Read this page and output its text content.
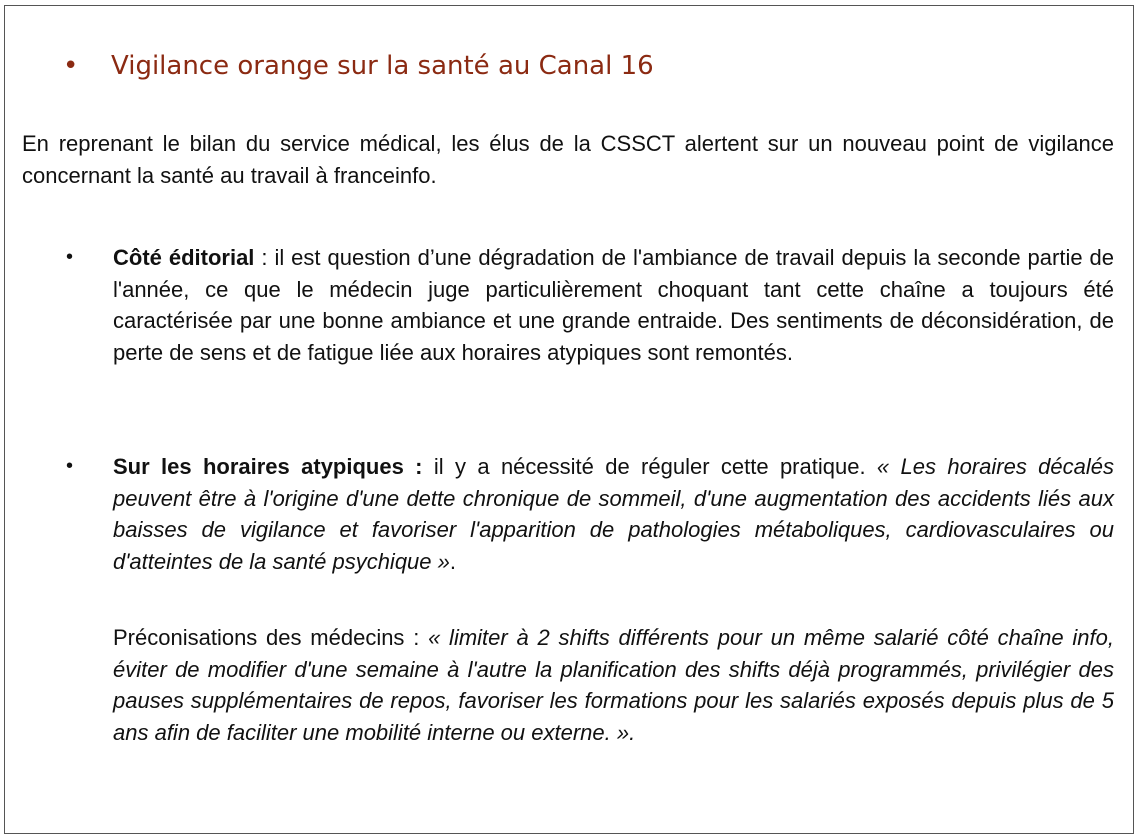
• Vigilance orange sur la santé au Canal 16
En reprenant le bilan du service médical, les élus de la CSSCT alertent sur un nouveau point de vigilance concernant la santé au travail à franceinfo.
• Côté éditorial : il est question d’une dégradation de l'ambiance de travail depuis la seconde partie de l'année, ce que le médecin juge particulièrement choquant tant cette chaîne a toujours été caractérisée par une bonne ambiance et une grande entraide. Des sentiments de déconsidération, de perte de sens et de fatigue liée aux horaires atypiques sont remontés.
• Sur les horaires atypiques : il y a nécessité de réguler cette pratique. « Les horaires décalés peuvent être à l'origine d'une dette chronique de sommeil, d'une augmentation des accidents liés aux baisses de vigilance et favoriser l'apparition de pathologies métaboliques, cardiovasculaires ou d'atteintes de la santé psychique ».
Préconisations des médecins : « limiter à 2 shifts différents pour un même salarié côté chaîne info, éviter de modifier d'une semaine à l'autre la planification des shifts déjà programmés, privilégier des pauses supplémentaires de repos, favoriser les formations pour les salariés exposés depuis plus de 5 ans afin de faciliter une mobilité interne ou externe. ».
